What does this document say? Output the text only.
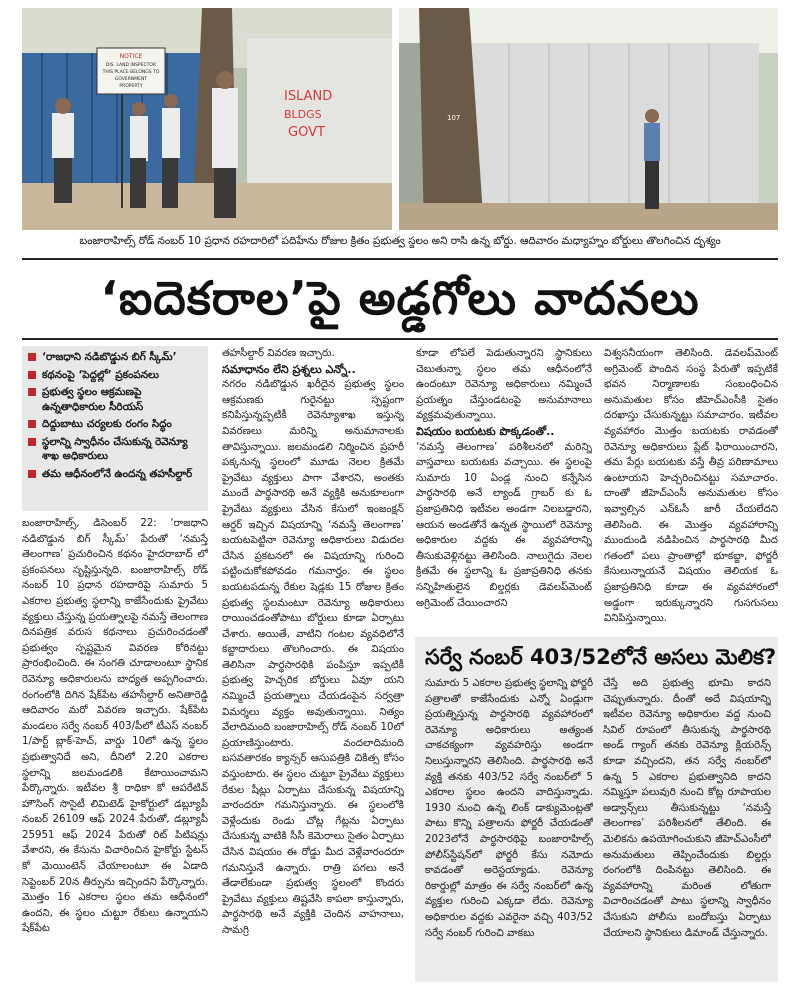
NOTICE
DIS. LAND INSPECTOR
THIS PLACE BELONGS TO
GOVERNMENT
PROPERTY
ISLAND
BLDGS
GOVT
107
బంజారాహిల్స్ రోడ్ నంబర్ 10 ప్రధాన రహదారిలో పదిహేను రోజుల క్రితం ప్రభుత్వ స్థలం అని రాసి ఉన్న బోర్డు. ఆదివారం మధ్యాహ్నం బోర్డులు తొలగించిన దృశ్యం
‘ఐదెకరాల’పై అడ్డగోలు వాదనలు
‘రాజధాని నడిబొడ్డున బిగ్ స్కీమ్’
కథనంపై ‘పెద్దల్లో’ ప్రకంపనలు
ప్రభుత్వ స్థలం ఆక్రమణపై ఉన్నతాధికారుల సీరియస్
దిద్దుబాటు చర్యలకు రంగం సిద్ధం
స్థలాన్ని స్వాధీనం చేసుకున్న రెవెన్యూ శాఖ అధికారులు
తమ ఆధీనంలోనే ఉందన్న తహసీల్దార్

బంజారాహిల్స్, డిసెంబర్ 22: ‘రాజధాని నడిబొడ్డున బిగ్ స్కీమ్’ పేరుతో ‘నమస్తే తెలంగాణ’ ప్రచురించిన కథనం హైదరాబాద్ లో ప్రకంపనలు సృష్టిస్తున్నది. బంజారాహిల్స్ రోడ్ నంబర్ 10 ప్రధాన రహదారిపై సుమారు 5 ఎకరాల ప్రభుత్వ స్థలాన్ని కాజేసేందుకు ప్రైవేటు వ్యక్తులు చేస్తున్న ప్రయత్నాలపై నమస్తే తెలంగాణ దినపత్రిక వరుస కథనాలు ప్రచురించడంతో ప్రభుత్వం స్పష్టమైన వివరణ కోరినట్టు ప్రారంభించింది. ఈ సంగతి చూడాలంటూ స్థానిక రెవెన్యూ అధికారులను బాధ్యత అప్పగించారు. రంగంలోకి దిగిన షేక్‌పేట తహసీల్దార్ అనితారెడ్డి ఆదివారం మరో వివరణ ఇచ్చారు. షేక్‌పేట మండలం సర్వే నంబర్ 403/పీలో టీఎస్ నంబర్ 1/పార్ట్ బ్లాక్-హెచ్, వార్డు 10లో ఉన్న స్థలం ప్రభుత్వానిదే అని, దీనిలో 2.20 ఎకరాల స్థలాన్ని జలమండలికి కేటాయించామని పేర్కొన్నారు. ఇటీవల శ్రీ రాధికా కో ఆపరేటివ్ హౌసింగ్ సొసైటీ లిమిటెడ్ హైకోర్టులో డబ్ల్యూపీ నంబర్ 26109 ఆఫ్ 2024 పేరుతో, డబ్ల్యూపీ 25951 ఆఫ్ 2024 పేరుతో రిట్ పిటిషన్లు వేశారని, ఈ కేసును విచారించిన హైకోర్టు స్టేటస్ కో మెయింటెన్ చేయాలంటూ ఈ ఏడాది సెప్టెంబర్ 20న తీర్పును ఇచ్చిందని పేర్కొన్నారు. మొత్తం 16 ఎకరాల స్థలం తమ ఆధీనంలో ఉందని, ఈ స్థలం చుట్టూ రేకులు ఉన్నాయని షేక్‌పేట

తహసీల్దార్ వివరణ ఇచ్చారు.

సమాధానం లేని ప్రశ్నలు ఎన్నో..

నగరం నడిబొడ్డున ఖరీదైన ప్రభుత్వ స్థలం ఆక్రమణకు గురైనట్టు స్పష్టంగా కనిపిస్తున్నప్పటికీ రెవెన్యూశాఖ ఇస్తున్న వివరణలు మరిన్ని అనుమానాలకు తావిస్తున్నాయి. జలమండలి నిర్మించిన ప్రహరీ పక్కనున్న స్థలంలో మూడు నెలల క్రితమే ప్రైవేటు వ్యక్తులు పాగా వేశారని, అంతకు ముందే పార్థసారథి అనే వ్యక్తికి అనుకూలంగా ప్రైవేటు వ్యక్తులు వేసిన కేసులో ఇంజంక్షన్ ఆర్డర్ ఇచ్చిన విషయాన్ని ‘నమస్తే తెలంగాణ’ బయటపెట్టినా రెవెన్యూ అధికారులు విడుదల చేసిన ప్రకటనలో ఈ విషయాన్ని గురించి పట్టించుకోకపోవడం గమనార్హం. ఈ స్థలం బయటపడున్న రేకుల షెడ్లకు 15 రోజుల క్రితం ప్రభుత్వ స్థలమంటూ రెవెన్యూ అధికారులు రాయించడంతోపాటు బోర్డులు కూడా ఏర్పాటు చేశారు. అయితే, వాటిని గంటల వ్యవధిలోనే కబ్జాదారులు తొలగించారు. ఈ విషయం తెలిసినా పార్థసారథికి పంపిస్తూ ఇప్పటికీ ప్రభుత్వ హెచ్చరిక బోర్డులు ఏవూ యని నమ్మించే ప్రయత్నాలు చేయడంపైన సర్వత్రా విమర్శలు వ్యక్తం అవుతున్నాయి. నిత్యం వేలాదిమంది బంజారాహిల్స్ రోడ్ నంబర్ 10లో ప్రయాణిస్తుంటారు. వందలాదిమంది బసవతారకం క్యాన్సర్ ఆసుపత్రికి చికిత్స కోసం వస్తుంటారు. ఈ స్థలం చుట్టూ ప్రైవేటు వ్యక్తులు రేకుల షీట్లు ఏర్పాటు చేసుకున్న విషయాన్ని వారందరూ గమనిస్తున్నారు. ఈ స్థలంలోకి వెళ్లేందుకు రెండు చోట్ల గేట్లను ఏర్పాటు చేసుకున్న వాటికి సీసీ కెమెరాలు సైతం ఏర్పాటు చేసిన విషయం ఈ రోడ్డు మీద వెళ్లేవారందరూ గమనిస్తునే ఉన్నారు. రాత్రి పగలు అనే తేడాలేకుండా ప్రభుత్వ స్థలంలో కొందరు ప్రైవేటు వ్యక్తులు తిష్టవేసి కాపలా కాస్తున్నారు, పార్థసారథి అనే వ్యక్తికి చెందిన వాహనాలు, సామగ్రి

కూడా లోపలే పెడుతున్నారని స్థానికులు చెబుతున్నా స్థలం తమ ఆధీనంలోనే ఉందంటూ రెవెన్యూ అధికారులు నమ్మించే ప్రయత్నం చేస్తుండటంపై అనుమానాలు వ్యక్తమవుతున్నాయి.

విషయం బయటకు పొక్కడంతో..

‘నమస్తే తెలంగాణ’ పరిశీలనలో మరిన్ని వాస్తవాలు బయటకు వచ్చాయి. ఈ స్థలంపై సుమారు 10 ఏండ్ల నుంచి కన్నేసిన పార్థసారథి అనే ల్యాండ్ గ్రాబర్ కు ఓ ప్రజాప్రతినిధి ఇటీవల అండగా నిలబడ్డారని, ఆయన అండతోనే ఉన్నత స్థాయిలో రెవెన్యూ అధికారుల వద్దకు ఈ వ్యవహారాన్ని తీసుకువెళ్లినట్టు తెలిసింది. నాలుగైదు నెలల క్రితమే ఈ స్థలాన్ని ఓ ప్రజాప్రతినిధి తనకు సన్నిహితులైన బిల్డర్లకు డెవలప్‌మెంట్ అగ్రిమెంట్ చేయించారని

విశ్వసనీయంగా తెలిసింది. డెవలప్‌మెంట్ అగ్రిమెంట్ పొందిన సంస్థ పేరుతో ఇప్పటికే భవన నిర్మాణాలకు సంబంధించిన అనుమతుల కోసం జీహెచ్‌ఎంసీకి సైతం దరఖాస్తు చేసుకున్నట్టు సమాచారం. ఇటీవల వ్యవహారం మొత్తం బయటకు రావడంతో రెవెన్యూ అధికారులు ప్లేట్ ఫిరాయించారని, తమ పేర్లు బయటకు వస్తే తీవ్ర పరిణామాలు ఉంటాయని హెచ్చరించినట్టు సమాచారం. దాంతో జీహెచ్‌ఎంసీ అనుమతుల కోసం ఇవ్వాల్సిన ఎన్‌ఓసీ జారీ చేయలేదని తెలిసింది. ఈ మొత్తం వ్యవహారాన్ని ముందుండి నడిపించిన పార్థసారథి మీద గతంలో పలు ప్రాంతాల్లో భూకబ్జా, ఫోర్జరీ కేసులున్నాయనే విషయం తెలియక ఓ ప్రజాప్రతినిధి కూడా ఈ వ్యవహారంలో అడ్డంగా ఇరుక్కున్నారని గుసగుసలు వినిపిస్తున్నాయి.

సర్వే నంబర్ 403/52లోనే అసలు మెలిక?

సుమారు 5 ఎకరాల ప్రభుత్వ స్థలాన్ని ఫోర్జరీ పత్రాలతో కాజేసేందుకు ఎన్నో ఏండ్లుగా ప్రయత్నిస్తున్న పార్థసారథి వ్యవహారంలో రెవెన్యూ అధికారులు అత్యంత చాకచక్యంగా వ్యవహరిస్తు అండగా నిలుస్తున్నారని తెలిసింది. పార్థసారథి అనే వ్యక్తి తనకు 403/52 సర్వే నంబర్‌లో 5 ఎకరాల స్థలం ఉందని వాదిస్తున్నాడు. 1930 నుంచి ఉన్న లింక్ డాక్యుమెంట్లతో పాటు కొన్ని పత్రాలను ఫోర్జరీ చేయడంతో 2023లోనే పార్థసారథిపై బంజారాహిల్స్ పోలీస్‌స్టేషన్‌లో ఫోర్జరీ కేసు నమోదు కావడంతో అరెస్టయ్యాడు. రెవెన్యూ రికార్డుల్లో మాత్రం ఈ సర్వే నంబర్‌లో ఉన్న వ్యక్తుల గురించి ఎక్కడా లేదు. రెవెన్యూ అధికారుల వద్దకు ఎవరైనా వచ్చి 403/52 సర్వే నంబర్ గురించి వాకబు

చేస్తే అది ప్రభుత్వ భూమి కాదని చెప్పుతున్నారు. దీంతో అదే విషయాన్ని ఇటీవల రెవెన్యూ అధికారుల వద్ద నుంచి సివిల్ రూపంలో తీసుకున్న పార్థసారథి అండ్ గ్యాంగ్ తనకు రెవెన్యూ క్లియరెన్స్ కూడా వచ్చిందని, తన సర్వే నంబర్‌లో ఉన్న 5 ఎకరాల ప్రభుత్వానిది కాదని నమ్మిస్తూ పలువురి నుంచి కోట్ల రూపాయల అడ్వాన్స్‌లు తీసుకున్నట్టు ‘నమస్తే తెలంగాణ’ పరిశీలనలో తేలింది. ఈ మెలికను ఉపయోగించుకుని జీహెచ్‌ఎంసీలో అనుమతులు తెప్పించేందుకు బిల్డర్లు రంగంలోకి దింపినట్టు తెలిసింది. ఈ వ్యవహారాన్ని మరింత లోతుగా విచారించడంతో పాటు స్థలాన్ని స్వాధీనం చేసుకుని పోలీసు బందోబస్తు ఏర్పాటు చేయాలని స్థానికులు డిమాండ్ చేస్తున్నారు.
